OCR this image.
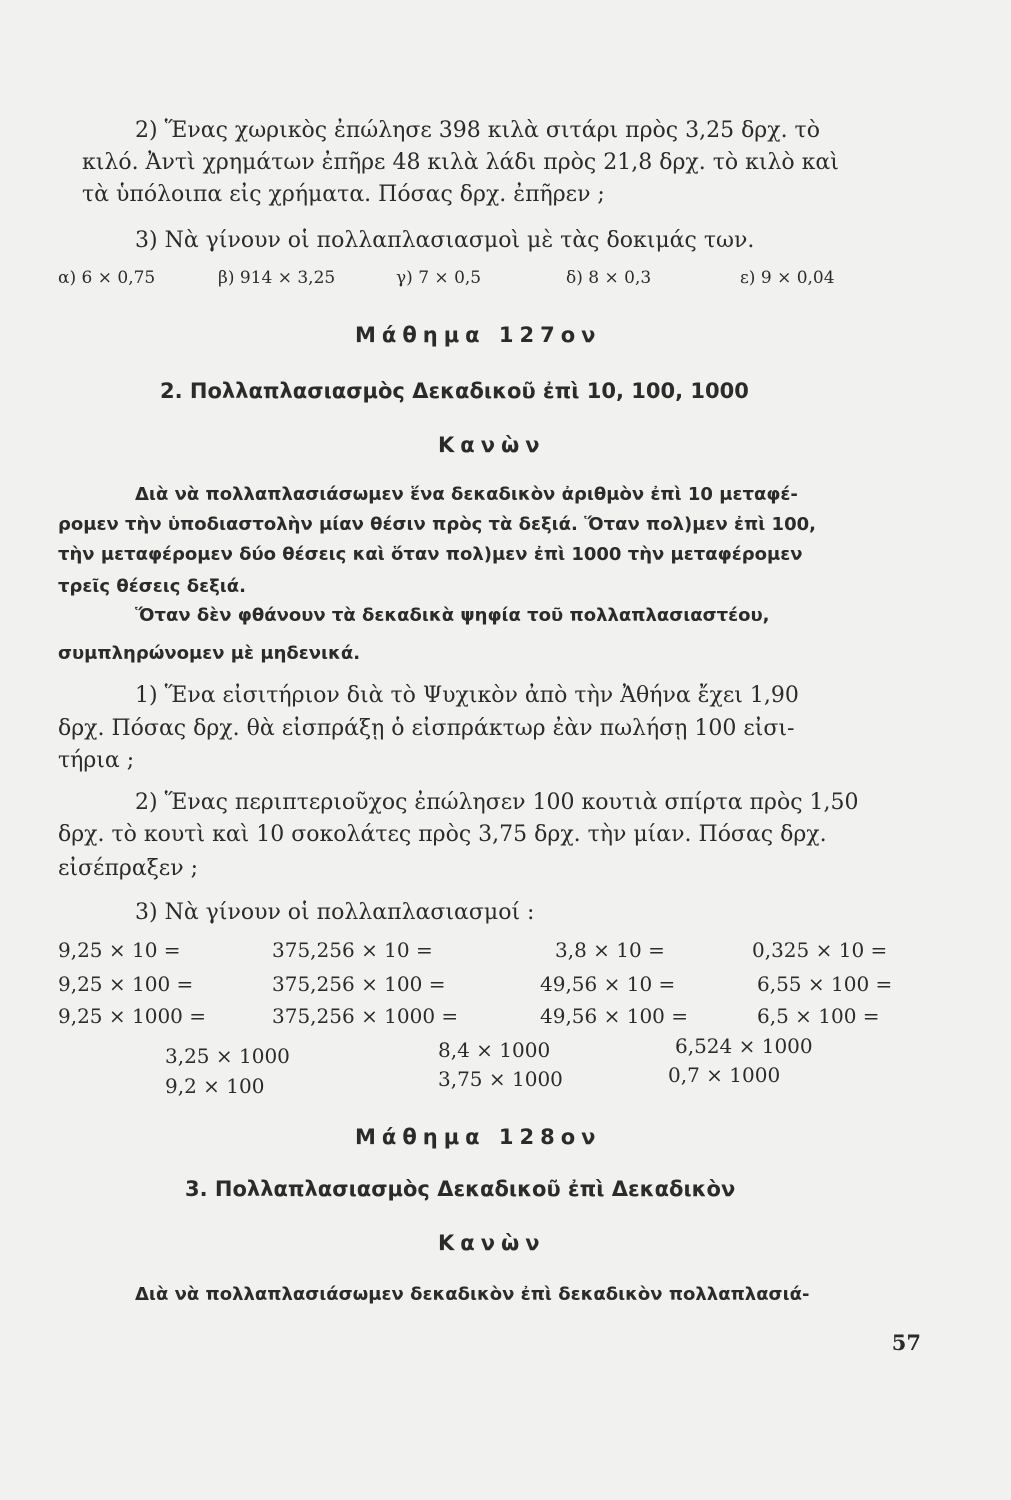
2) Ἕνας χωρικὸς ἐπώλησε 398 κιλὰ σιτάρι πρὸς 3,25 δρχ. τὸ
κιλό. Ἀντὶ χρημάτων ἐπῆρε 48 κιλὰ λάδι πρὸς 21,8 δρχ. τὸ κιλὸ καὶ
τὰ ὑπόλοιπα εἰς χρήματα. Πόσας δρχ. ἐπῆρεν ;
3) Νὰ γίνουν οἱ πολλαπλασιασμοὶ μὲ τὰς δοκιμάς των.
α) 6 × 0,75	β) 914 × 3,25	γ) 7 × 0,5	δ) 8 × 0,3	ε) 9 × 0,04
Μάθημα 127ον
2. Πολλαπλασιασμὸς Δεκαδικοῦ ἐπὶ 10, 100, 1000
Κανὼν
Διὰ νὰ πολλαπλασιάσωμεν ἕνα δεκαδικὸν ἀριθμὸν ἐπὶ 10 μεταφέ-
ρομεν τὴν ὑποδιαστολὴν μίαν θέσιν πρὸς τὰ δεξιά. Ὅταν πολ)μεν ἐπὶ 100,
τὴν μεταφέρομεν δύο θέσεις καὶ ὅταν πολ)μεν ἐπὶ 1000 τὴν μεταφέρομεν
τρεῖς θέσεις δεξιά.
Ὅταν δὲν φθάνουν τὰ δεκαδικὰ ψηφία τοῦ πολλαπλασιαστέου,
συμπληρώνομεν μὲ μηδενικά.
1) Ἕνα εἰσιτήριον διὰ τὸ Ψυχικὸν ἀπὸ τὴν Ἀθήνα ἔχει 1,90
δρχ. Πόσας δρχ. θὰ εἰσπράξῃ ὁ εἰσπράκτωρ ἐὰν πωλήσῃ 100 εἰσι-
τήρια ;
2) Ἕνας περιπτεριοῦχος ἐπώλησεν 100 κουτιὰ σπίρτα πρὸς 1,50
δρχ. τὸ κουτὶ καὶ 10 σοκολάτες πρὸς 3,75 δρχ. τὴν μίαν. Πόσας δρχ.
εἰσέπραξεν ;
3) Νὰ γίνουν οἱ πολλαπλασιασμοί :
9,25 × 10 =	375,256 × 10 =	3,8 × 10 =	0,325 × 10 =
9,25 × 100 =	375,256 × 100 =	49,56 × 10 =	6,55 × 100 =
9,25 × 1000 =	375,256 × 1000 =	49,56 × 100 =	6,5 × 100 =
3,25 × 1000	8,4 × 1000	6,524 × 1000
9,2 × 100	3,75 × 1000	0,7 × 1000
Μάθημα 128ον
3. Πολλαπλασιασμὸς Δεκαδικοῦ ἐπὶ Δεκαδικὸν
Κανὼν
Διὰ νὰ πολλαπλασιάσωμεν δεκαδικὸν ἐπὶ δεκαδικὸν πολλαπλασιά-
57
